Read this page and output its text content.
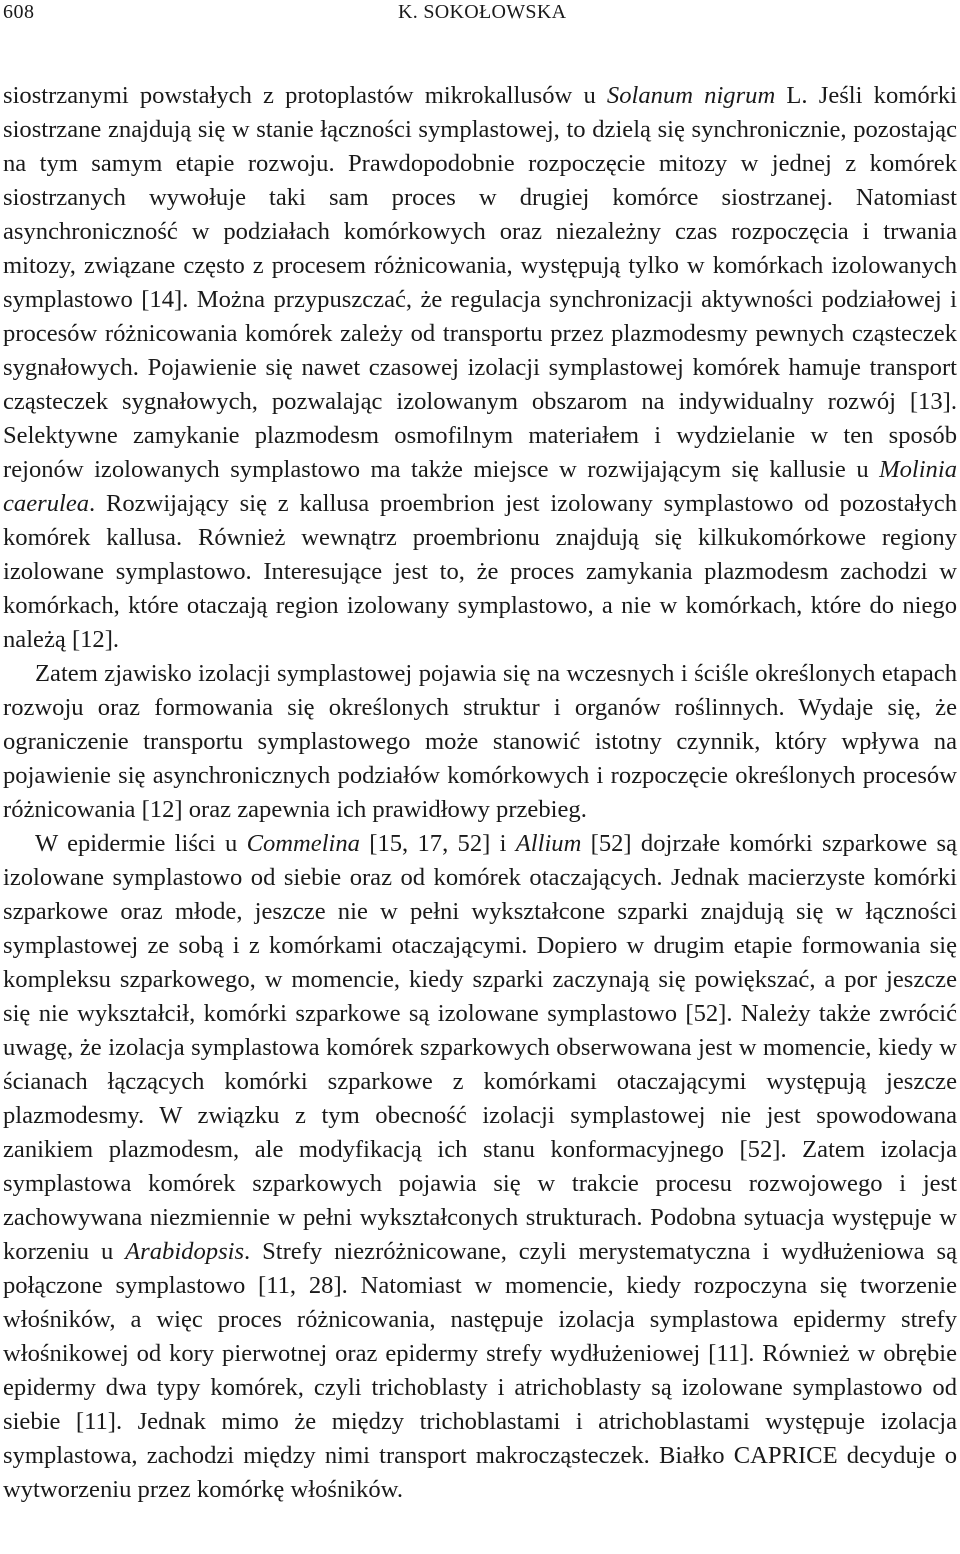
608	K. SOKOŁOWSKA

siostrzanymi powstałych z protoplastów mikrokallusów u Solanum nigrum L. Jeśli komórki siostrzane znajdują się w stanie łączności symplastowej, to dzielą się synchronicznie, pozostając na tym samym etapie rozwoju. Prawdopodobnie rozpoczęcie mitozy w jednej z komórek siostrzanych wywołuje taki sam proces w drugiej komórce siostrzanej. Natomiast asynchroniczność w podziałach komórkowych oraz niezależny czas rozpoczęcia i trwania mitozy, związane często z procesem różnicowania, występują tylko w komórkach izolowanych symplastowo [14]. Można przypuszczać, że regulacja synchronizacji aktywności podziałowej i procesów różnicowania komórek zależy od transportu przez plazmodesmy pewnych cząsteczek sygnałowych. Pojawienie się nawet czasowej izolacji symplastowej komórek hamuje transport cząsteczek sygnałowych, pozwalając izolowanym obszarom na indywidualny rozwój [13]. Selektywne zamykanie plazmodesm osmofilnym materiałem i wydzielanie w ten sposób rejonów izolowanych symplastowo ma także miejsce w rozwijającym się kallusie u Molinia caerulea. Rozwijający się z kallusa proembrion jest izolowany symplastowo od pozostałych komórek kallusa. Również wewnątrz proembrionu znajdują się kilkukomórkowe regiony izolowane symplastowo. Interesujące jest to, że proces zamykania plazmodesm zachodzi w komórkach, które otaczają region izolowany symplastowo, a nie w komórkach, które do niego należą [12].

Zatem zjawisko izolacji symplastowej pojawia się na wczesnych i ściśle określonych etapach rozwoju oraz formowania się określonych struktur i organów roślinnych. Wydaje się, że ograniczenie transportu symplastowego może stanowić istotny czynnik, który wpływa na pojawienie się asynchronicznych podziałów komórkowych i rozpoczęcie określonych procesów różnicowania [12] oraz zapewnia ich prawidłowy przebieg.

W epidermie liści u Commelina [15, 17, 52] i Allium [52] dojrzałe komórki szparkowe są izolowane symplastowo od siebie oraz od komórek otaczających. Jednak macierzyste komórki szparkowe oraz młode, jeszcze nie w pełni wykształcone szparki znajdują się w łączności symplastowej ze sobą i z komórkami otaczającymi. Dopiero w drugim etapie formowania się kompleksu szparkowego, w momencie, kiedy szparki zaczynają się powiększać, a por jeszcze się nie wykształcił, komórki szparkowe są izolowane symplastowo [52]. Należy także zwrócić uwagę, że izolacja symplastowa komórek szparkowych obserwowana jest w momencie, kiedy w ścianach łączących komórki szparkowe z komórkami otaczającymi występują jeszcze plazmodesmy. W związku z tym obecność izolacji symplastowej nie jest spowodowana zanikiem plazmodesm, ale modyfikacją ich stanu konformacyjnego [52]. Zatem izolacja symplastowa komórek szparkowych pojawia się w trakcie procesu rozwojowego i jest zachowywana niezmiennie w pełni wykształconych strukturach. Podobna sytuacja występuje w korzeniu u Arabidopsis. Strefy niezróżnicowane, czyli merystematyczna i wydłużeniowa są połączone symplastowo [11, 28]. Natomiast w momencie, kiedy rozpoczyna się tworzenie włośników, a więc proces różnicowania, następuje izolacja symplastowa epidermy strefy włośnikowej od kory pierwotnej oraz epidermy strefy wydłużeniowej [11]. Również w obrębie epidermy dwa typy komórek, czyli trichoblasty i atrichoblasty są izolowane symplastowo od siebie [11]. Jednak mimo że między trichoblastami i atrichoblastami występuje izolacja symplastowa, zachodzi między nimi transport makrocząsteczek. Białko CAPRICE decyduje o wytworzeniu przez komórkę włośników.
